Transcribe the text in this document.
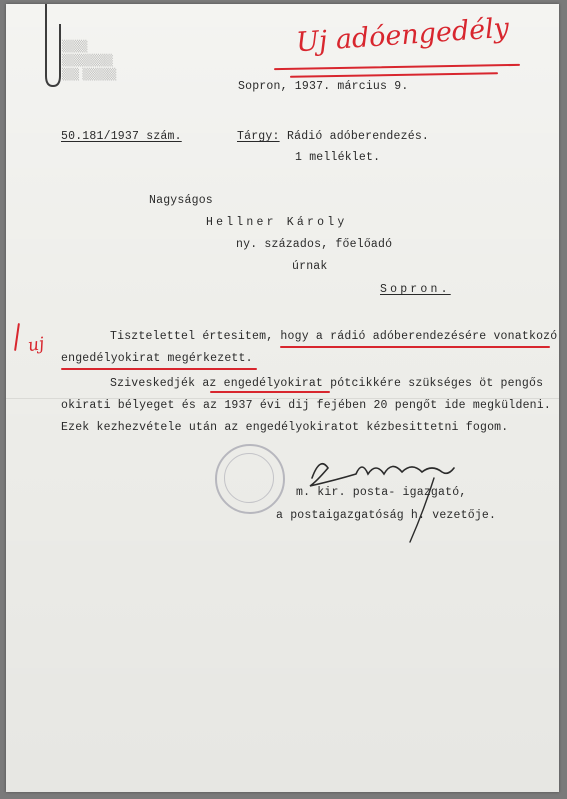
▒▒▒
▒▒▒▒▒▒
▒▒ ▒▒▒▒
Uj adóengedély
Sopron, 1937. március 9.
50.181/1937 szám.	Tárgy: Rádió adóberendezés.
1 melléklet.
Nagyságos
Hellner Károly
ny. százados, főelőadó
úrnak
Sopron.
Tisztelettel értesitem, hogy a rádió adóberendezésére vonatkozó
engedélyokirat megérkezett.
Sziveskedjék az engedélyokirat pótcikkére szükséges öt pengős
okirati bélyeget és az 1937 évi dij fejében 20 pengőt ide megküldeni.
Ezek kezhezvétele után az engedélyokiratot kézbesittetni fogom.
uj
m. kir. posta- igazgató,
a postaigazgatóság h. vezetője.
